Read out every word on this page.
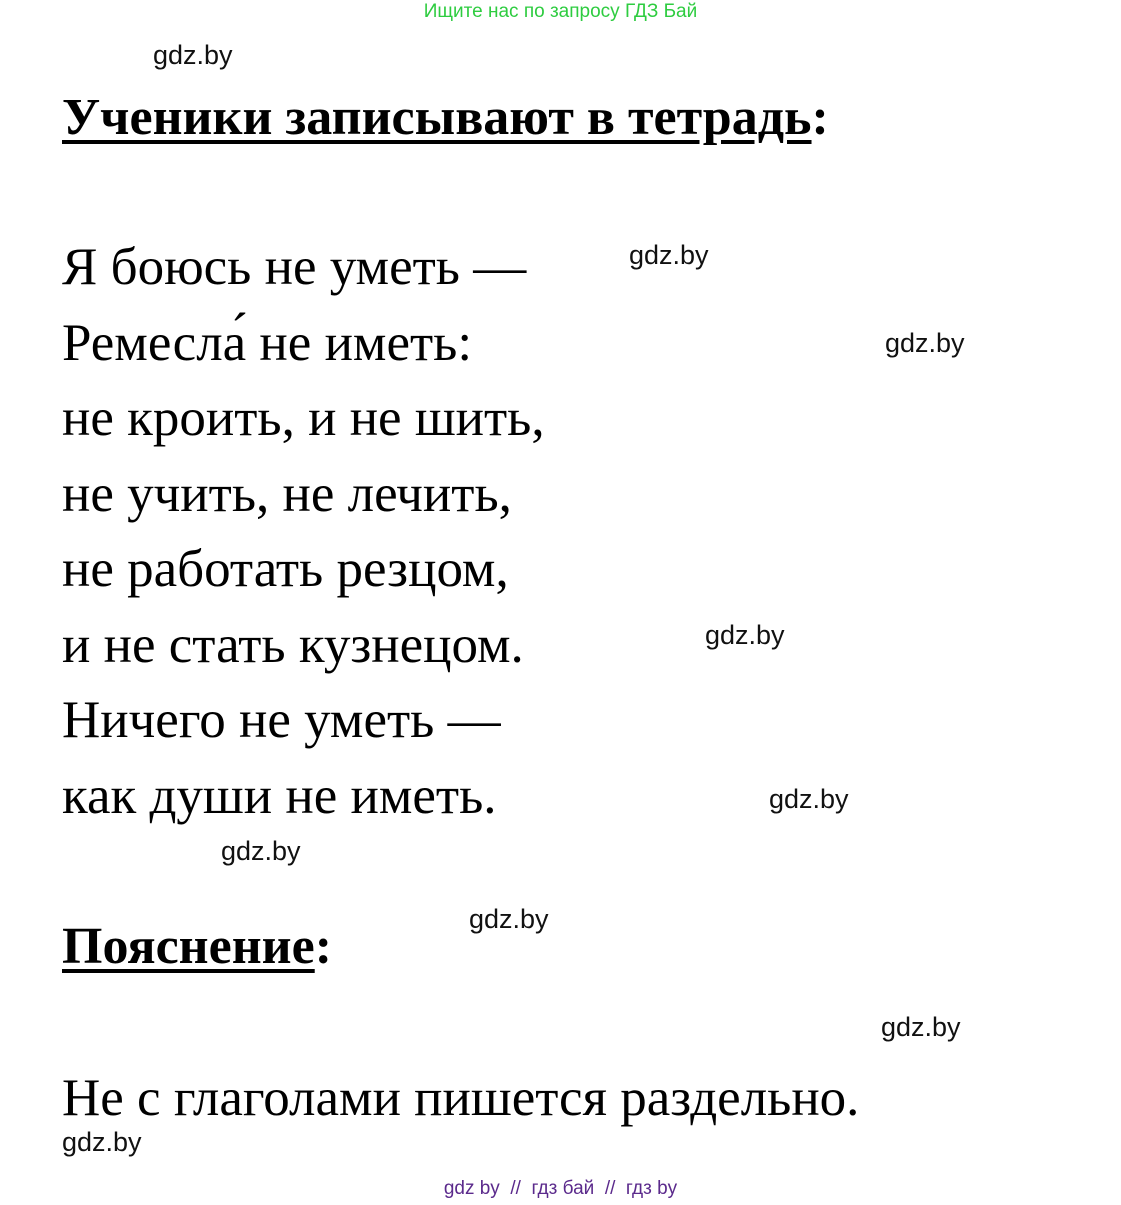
Ищите нас по запросу ГДЗ Бай
gdz.by
gdz.by
gdz.by
gdz.by
gdz.by
gdz.by
gdz.by
gdz.by
gdz.by
Ученики записывают в тетрадь:
Я боюсь не уметь —
Ремесла́ не иметь:
не кроить, и не шить,
не учить, не лечить,
не работать резцом,
и не стать кузнецом.
Ничего не уметь —
как души не иметь.
Пояснение:
Не с глаголами пишется раздельно.
gdz by  //  гдз бай  //  гдз by
